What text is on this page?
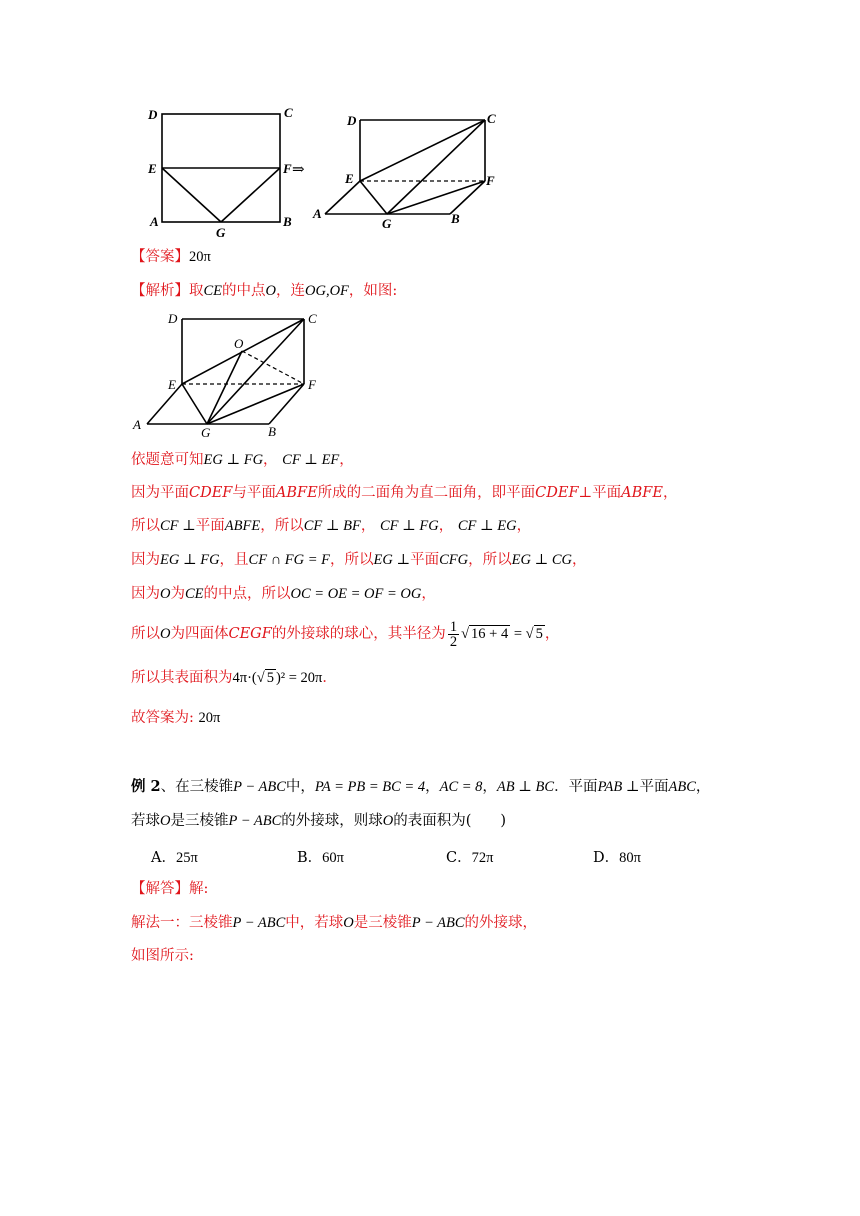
D	C
E	F ⇒
A	B
G
D	C
E	F
A	B
G
【答案】20π
【解析】取CE的中点O，连OG,OF，如图:
D	C
O
E	F
A	B
G
依题意可知EG ⊥ FG， CF ⊥ EF，
因为平面CDEF与平面ABFE所成的二面角为直二面角，即平面CDEF⊥平面ABFE，
所以CF ⊥平面ABFE，所以CF ⊥ BF， CF ⊥ FG， CF ⊥ EG，
因为EG ⊥ FG，且CF ∩ FG = F，所以EG ⊥平面CFG，所以EG ⊥ CG，
因为O为CE的中点，所以OC = OE = OF = OG，
所以O为四面体CEGF的外接球的球心，其半径为 $\frac{1}{2}$ √ 16 + 4 = √ 5 ，
所以其表面积为4π·(√ 5 )² = 20π．
故答案为: 20π
例 2、在三棱锥P − ABC中，PA = PB = BC = 4，AC = 8，AB ⊥ BC．平面PAB ⊥平面ABC，
若球O是三棱锥P − ABC的外接球，则球O的表面积为(　　)
A．25π	B．60π	C．72π	D．80π
【解答】解:
解法一：三棱锥P − ABC中，若球O是三棱锥P − ABC的外接球，
如图所示:
